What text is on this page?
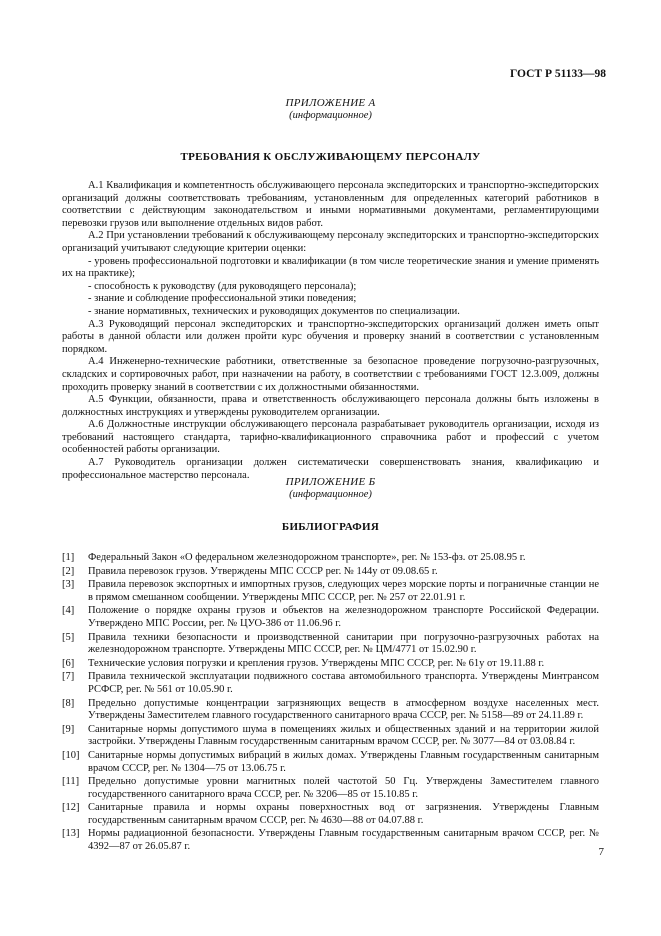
ГОСТ Р 51133—98
ПРИЛОЖЕНИЕ А
(информационное)
ТРЕБОВАНИЯ К ОБСЛУЖИВАЮЩЕМУ ПЕРСОНАЛУ

А.1 Квалификация и компетентность обслуживающего персонала экспедиторских и транспортно-экспедиторских организаций должны соответствовать требованиям, установленным для определенных категорий работников в соответствии с действующим законодательством и иными нормативными документами, регламентирующими перевозки грузов или выполнение отдельных видов работ.

А.2 При установлении требований к обслуживающему персоналу экспедиторских и транспортно-экспедиторских организаций учитывают следующие критерии оценки:

- уровень профессиональной подготовки и квалификации (в том числе теоретические знания и умение применять их на практике);

- способность к руководству (для руководящего персонала);

- знание и соблюдение профессиональной этики поведения;

- знание нормативных, технических и руководящих документов по специализации.

А.3 Руководящий персонал экспедиторских и транспортно-экспедиторских организаций должен иметь опыт работы в данной области или должен пройти курс обучения и проверку знаний в соответствии с установленным порядком.

А.4 Инженерно-технические работники, ответственные за безопасное проведение погрузочно-разгрузочных, складских и сортировочных работ, при назначении на работу, в соответствии с требованиями ГОСТ 12.3.009, должны проходить проверку знаний в соответствии с их должностными обязанностями.

А.5 Функции, обязанности, права и ответственность обслуживающего персонала должны быть изложены в должностных инструкциях и утверждены руководителем организации.

А.6 Должностные инструкции обслуживающего персонала разрабатывает руководитель организации, исходя из требований настоящего стандарта, тарифно-квалификационного справочника работ и профессий с учетом особенностей работы организации.

А.7 Руководитель организации должен систематически совершенствовать знания, квалификацию и профессиональное мастерство персонала.

ПРИЛОЖЕНИЕ Б
(информационное)
БИБЛИОГРАФИЯ
[1]	Федеральный Закон «О федеральном железнодорожном транспорте», рег. № 153-фз. от 25.08.95 г.
[2]	Правила перевозок грузов. Утверждены МПС СССР рег. № 144у от 09.08.65 г.
[3]	Правила перевозок экспортных и импортных грузов, следующих через морские порты и пограничные станции не в прямом смешанном сообщении. Утверждены МПС СССР, рег. № 257 от 22.01.91 г.
[4]	Положение о порядке охраны грузов и объектов на железнодорожном транспорте Российской Федерации. Утверждено МПС России, рег. № ЦУО-386 от 11.06.96 г.
[5]	Правила техники безопасности и производственной санитарии при погрузочно-разгрузочных работах на железнодорожном транспорте. Утверждены МПС СССР, рег. № ЦМ/4771 от 15.02.90 г.
[6]	Технические условия погрузки и крепления грузов. Утверждены МПС СССР, рег. № 61у от 19.11.88 г.
[7]	Правила технической эксплуатации подвижного состава автомобильного транспорта. Утверждены Минтрансом РСФСР, рег. № 561 от 10.05.90 г.
[8]	Предельно допустимые концентрации загрязняющих веществ в атмосферном воздухе населенных мест. Утверждены Заместителем главного государственного санитарного врача СССР, рег. № 5158—89 от 24.11.89 г.
[9]	Санитарные нормы допустимого шума в помещениях жилых и общественных зданий и на территории жилой застройки. Утверждены Главным государственным санитарным врачом СССР, рег. № 3077—84 от 03.08.84 г.
[10] Санитарные нормы допустимых вибраций в жилых домах. Утверждены Главным государственным санитарным врачом СССР, рег. № 1304—75 от 13.06.75 г.
[11] Предельно допустимые уровни магнитных полей частотой 50 Гц. Утверждены Заместителем главного государственного санитарного врача СССР, рег. № 3206—85 от 15.10.85 г.
[12] Санитарные правила и нормы охраны поверхностных вод от загрязнения. Утверждены Главным государственным санитарным врачом СССР, рег. № 4630—88 от 04.07.88 г.
[13] Нормы радиационной безопасности. Утверждены Главным государственным санитарным врачом СССР, рег. № 4392—87 от 26.05.87 г.	7
